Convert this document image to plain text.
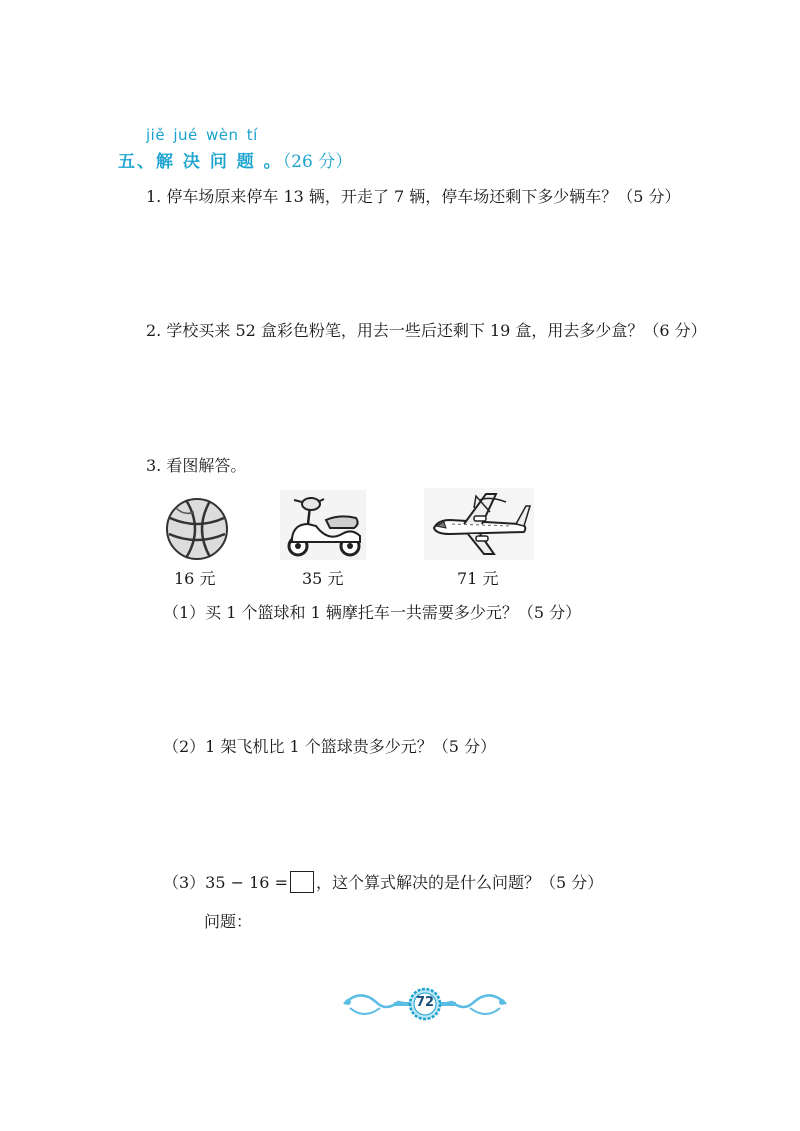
jiě jué wèn tí
五、解 决 问 题 。（26 分）
1. 停车场原来停车 13 辆，开走了 7 辆，停车场还剩下多少辆车？（5 分）
2. 学校买来 52 盒彩色粉笔，用去一些后还剩下 19 盒，用去多少盒？（6 分）
3. 看图解答。
16 元	35 元	71 元
（1）买 1 个篮球和 1 辆摩托车一共需要多少元？（5 分）
（2）1 架飞机比 1 个篮球贵多少元？（5 分）
（3）35 − 16 = ，这个算式解决的是什么问题？（5 分）
问题：
72
